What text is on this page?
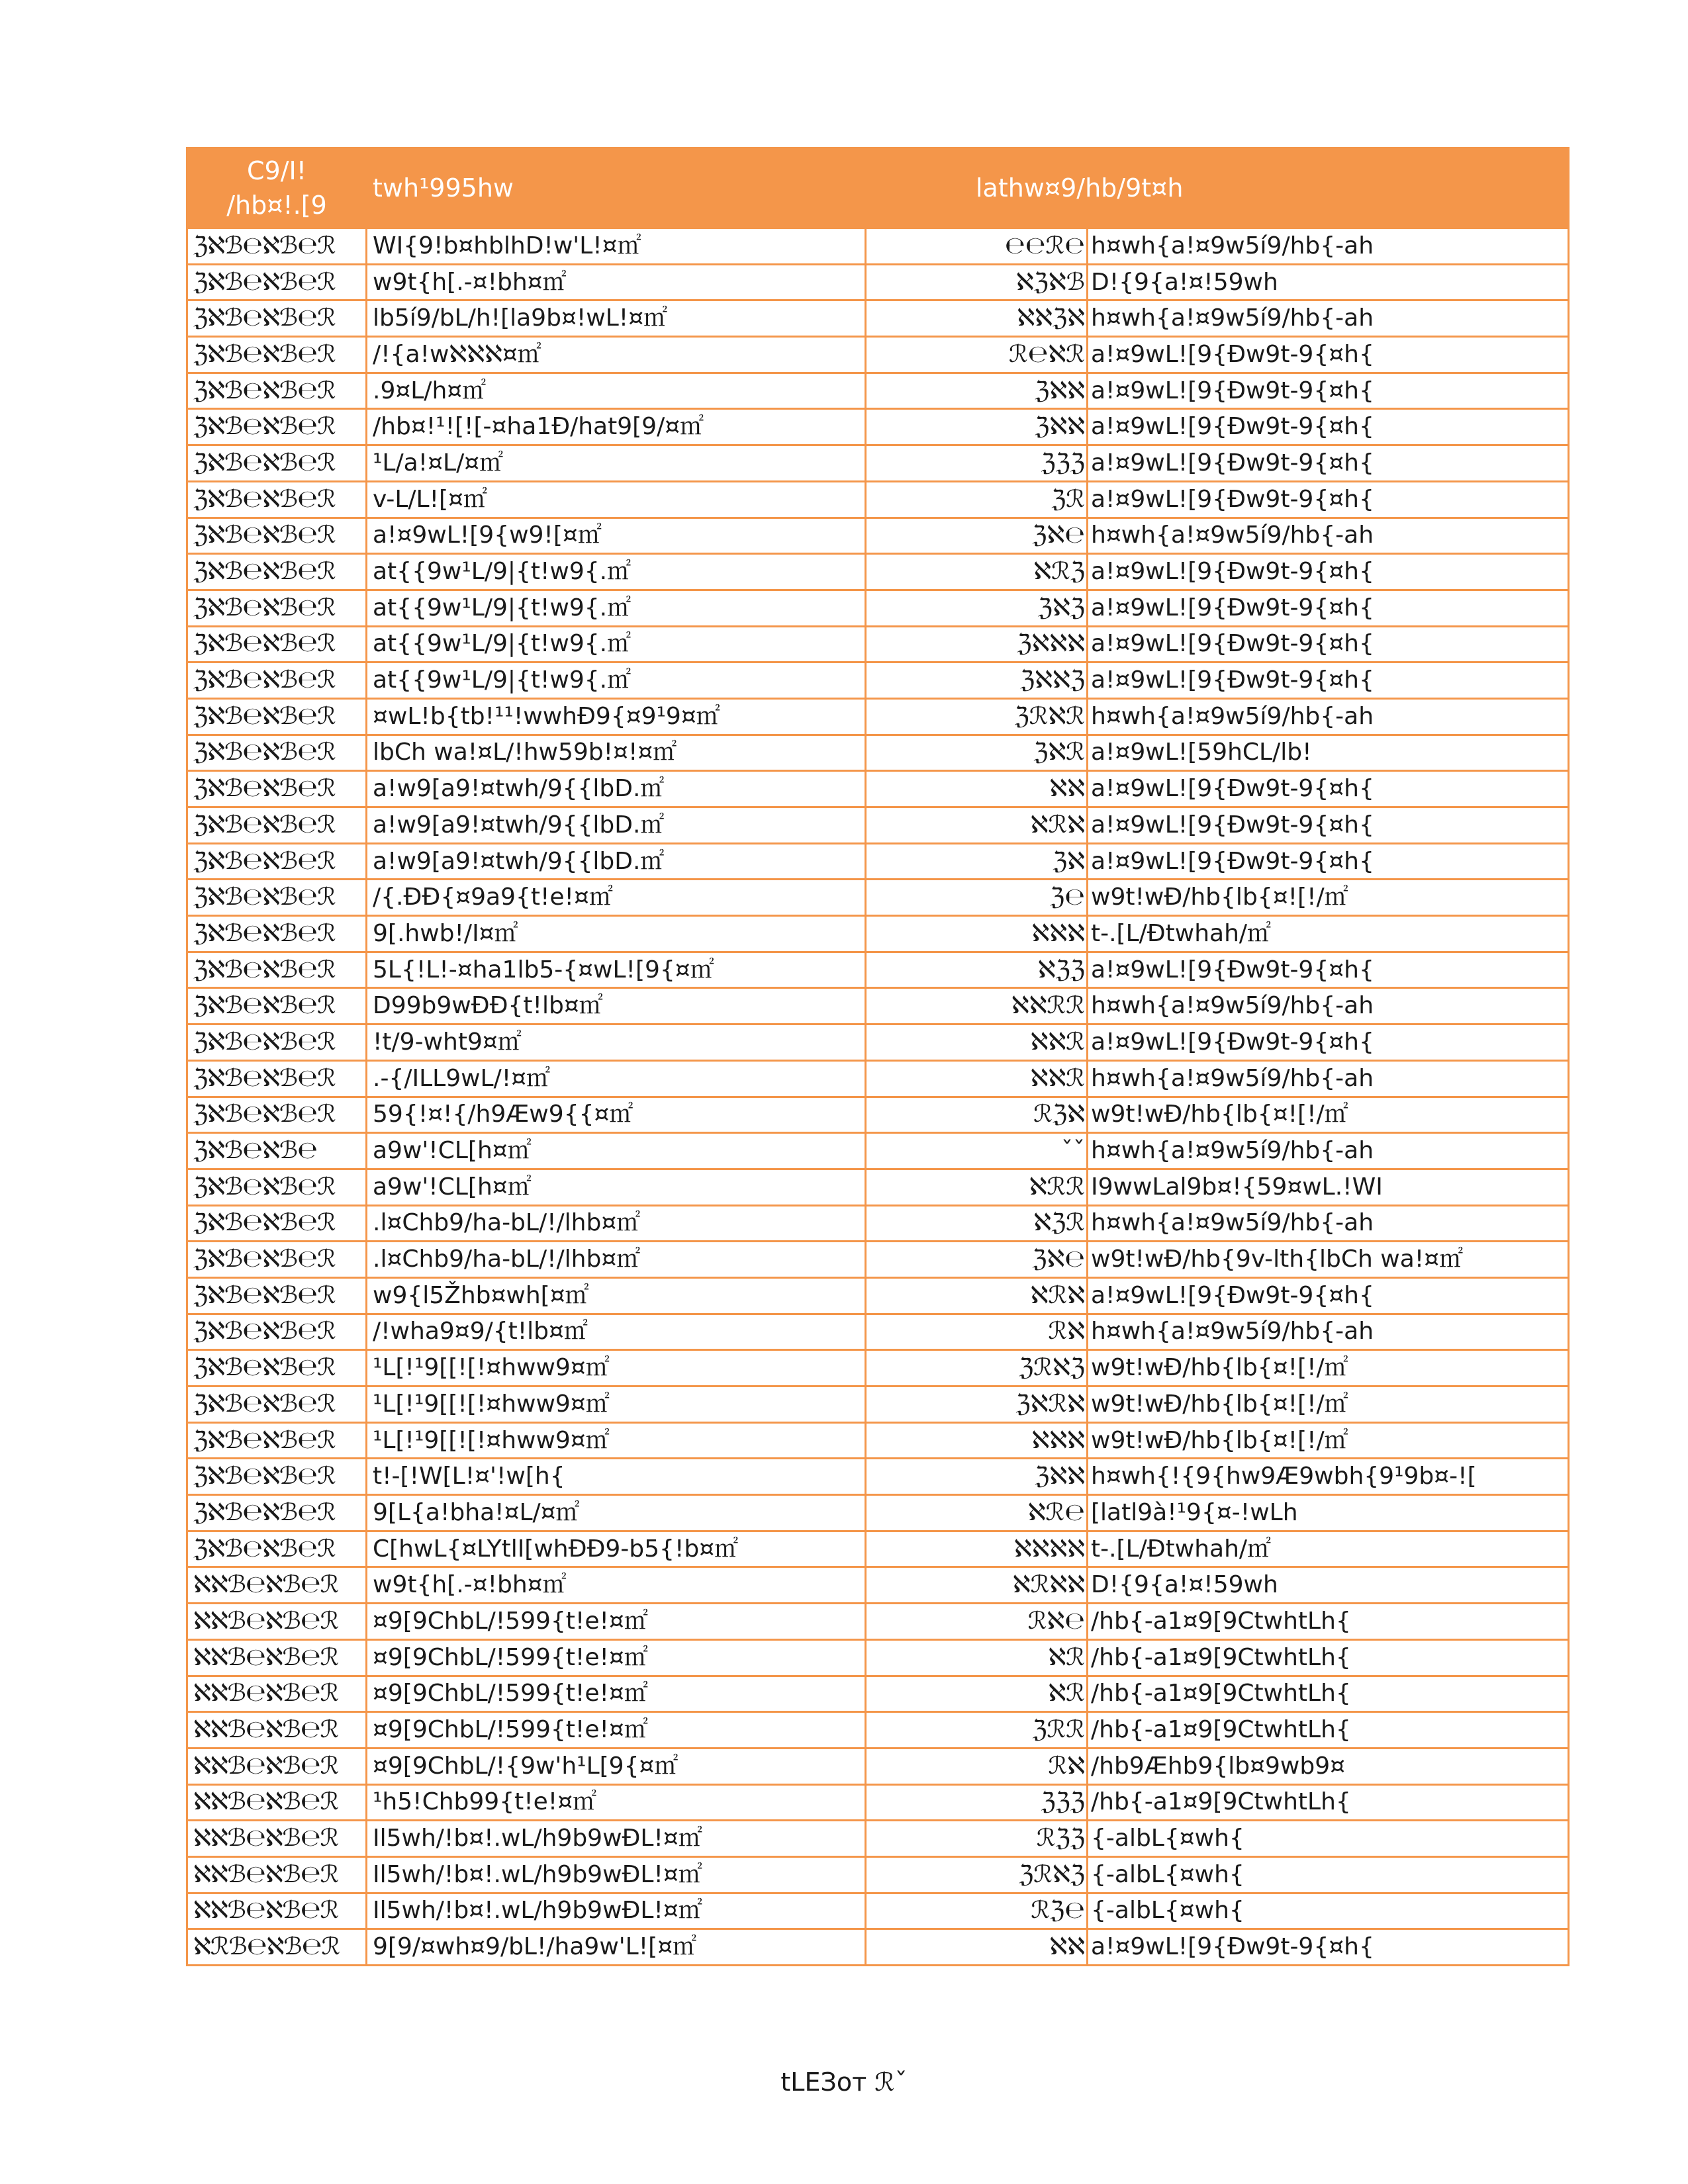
C9/I!
/hb¤!.[9	twh¹995hw		lathw¤9/hb/9t¤h

ℨℵℬ℮ℵℬ℮ℛ	WI{9!b¤hblhD!w'L!¤㎡	℮℮ℛ℮	h¤wh{a!¤9w5í9/hb{-ah
ℨℵℬ℮ℵℬ℮ℛ	w9t{h[.-¤!bh¤㎡	ℵℨℵℬ	D!{9{a!¤!59wh
ℨℵℬ℮ℵℬ℮ℛ	lb5í9/bL/h![la9b¤!wL!¤㎡	ℵℵℨℵ	h¤wh{a!¤9w5í9/hb{-ah
ℨℵℬ℮ℵℬ℮ℛ	/!{a!wℵℵℵ¤㎡	ℛ℮ℵℛ	a!¤9wL![9{Đw9t-9{¤h{
ℨℵℬ℮ℵℬ℮ℛ	.9¤L/h¤㎡	ℨℵℵ	a!¤9wL![9{Đw9t-9{¤h{
ℨℵℬ℮ℵℬ℮ℛ	/hb¤!¹![![-¤ha1Đ/hat9[9/¤㎡	ℨℵℵ	a!¤9wL![9{Đw9t-9{¤h{
ℨℵℬ℮ℵℬ℮ℛ	¹L/a!¤L/¤㎡	ℨℨℨ	a!¤9wL![9{Đw9t-9{¤h{
ℨℵℬ℮ℵℬ℮ℛ	v-L/L![¤㎡	ℨℛ	a!¤9wL![9{Đw9t-9{¤h{
ℨℵℬ℮ℵℬ℮ℛ	a!¤9wL![9{w9![¤㎡	ℨℵ℮	h¤wh{a!¤9w5í9/hb{-ah
ℨℵℬ℮ℵℬ℮ℛ	at{{9w¹L/9|{t!w9{.㎡	ℵℛℨ	a!¤9wL![9{Đw9t-9{¤h{
ℨℵℬ℮ℵℬ℮ℛ	at{{9w¹L/9|{t!w9{.㎡	ℨℵℨ	a!¤9wL![9{Đw9t-9{¤h{
ℨℵℬ℮ℵℬ℮ℛ	at{{9w¹L/9|{t!w9{.㎡	ℨℵℵℵ	a!¤9wL![9{Đw9t-9{¤h{
ℨℵℬ℮ℵℬ℮ℛ	at{{9w¹L/9|{t!w9{.㎡	ℨℵℵℨ	a!¤9wL![9{Đw9t-9{¤h{
ℨℵℬ℮ℵℬ℮ℛ	¤wL!b{tb!¹¹!wwhĐ9{¤9¹9¤㎡	ℨℛℵℛ	h¤wh{a!¤9w5í9/hb{-ah
ℨℵℬ℮ℵℬ℮ℛ	lbCh wa!¤L/!hw59b!¤!¤㎡	ℨℵℛ	a!¤9wL![59hCL/lb!
ℨℵℬ℮ℵℬ℮ℛ	a!w9[a9!¤twh/9{{lbD.㎡	ℵℵ	a!¤9wL![9{Đw9t-9{¤h{
ℨℵℬ℮ℵℬ℮ℛ	a!w9[a9!¤twh/9{{lbD.㎡	ℵℛℵ	a!¤9wL![9{Đw9t-9{¤h{
ℨℵℬ℮ℵℬ℮ℛ	a!w9[a9!¤twh/9{{lbD.㎡	ℨℵ	a!¤9wL![9{Đw9t-9{¤h{
ℨℵℬ℮ℵℬ℮ℛ	/{.ĐĐ{¤9a9{t!e!¤㎡	ℨ℮	w9t!wĐ/hb{lb{¤![!/㎡
ℨℵℬ℮ℵℬ℮ℛ	9[.hwb!/I¤㎡	ℵℵℵ	t-.[L/Ðtwhah/㎡
ℨℵℬ℮ℵℬ℮ℛ	5L{!L!-¤ha1lb5-{¤wL![9{¤㎡	ℵℨℨ	a!¤9wL![9{Đw9t-9{¤h{
ℨℵℬ℮ℵℬ℮ℛ	D99b9wĐĐ{t!lb¤㎡	ℵℵℛℛ	h¤wh{a!¤9w5í9/hb{-ah
ℨℵℬ℮ℵℬ℮ℛ	!t/9-wht9¤㎡	ℵℵℛ	a!¤9wL![9{Đw9t-9{¤h{
ℨℵℬ℮ℵℬ℮ℛ	.-{/ILL9wL/!¤㎡	ℵℵℛ	h¤wh{a!¤9w5í9/hb{-ah
ℨℵℬ℮ℵℬ℮ℛ	59{!¤!{/h9Æw9{{¤㎡	ℛℨℵ	w9t!wĐ/hb{lb{¤![!/㎡
ℨℵℬ℮ℵℬ℮	a9w'!CL[h¤㎡	ˇˇ	h¤wh{a!¤9w5í9/hb{-ah
ℨℵℬ℮ℵℬ℮ℛ	a9w'!CL[h¤㎡	ℵℛℛ	I9wwLal9b¤!{59¤wL.!WI
ℨℵℬ℮ℵℬ℮ℛ	.l¤Chb9/ha-bL/!/lhb¤㎡	ℵℨℛ	h¤wh{a!¤9w5í9/hb{-ah
ℨℵℬ℮ℵℬ℮ℛ	.l¤Chb9/ha-bL/!/lhb¤㎡	ℨℵ℮	w9t!wĐ/hb{9v-lth{lbCh wa!¤㎡
ℨℵℬ℮ℵℬ℮ℛ	w9{l5Žhb¤wh[¤㎡	ℵℛℵ	a!¤9wL![9{Đw9t-9{¤h{
ℨℵℬ℮ℵℬ℮ℛ	/!wha9¤9/{t!lb¤㎡	ℛℵ	h¤wh{a!¤9w5í9/hb{-ah
ℨℵℬ℮ℵℬ℮ℛ	¹L[!¹9[[![!¤hww9¤㎡	ℨℛℵℨ	w9t!wĐ/hb{lb{¤![!/㎡
ℨℵℬ℮ℵℬ℮ℛ	¹L[!¹9[[![!¤hww9¤㎡	ℨℵℛℵ	w9t!wĐ/hb{lb{¤![!/㎡
ℨℵℬ℮ℵℬ℮ℛ	¹L[!¹9[[![!¤hww9¤㎡	ℵℵℵ	w9t!wĐ/hb{lb{¤![!/㎡
ℨℵℬ℮ℵℬ℮ℛ	t!-[!W[L!¤'!w[h{	ℨℵℵ	h¤wh{!{9{hw9Æ9wbh{9¹9b¤-![
ℨℵℬ℮ℵℬ℮ℛ	9[L{a!bha!¤L/¤㎡	ℵℛ℮	[latl9à!¹9{¤-!wLh
ℨℵℬ℮ℵℬ℮ℛ	C[hwL{¤LYtlI[whĐĐ9-b5{!b¤㎡	ℵℵℵℵ	t-.[L/Ðtwhah/㎡
ℵℵℬ℮ℵℬ℮ℛ	w9t{h[.-¤!bh¤㎡	ℵℛℵℵ	D!{9{a!¤!59wh
ℵℵℬ℮ℵℬ℮ℛ	¤9[9ChbL/!599{t!e!¤㎡	ℛℵ℮	/hb{-a1¤9[9CtwhtLh{
ℵℵℬ℮ℵℬ℮ℛ	¤9[9ChbL/!599{t!e!¤㎡	ℵℛ	/hb{-a1¤9[9CtwhtLh{
ℵℵℬ℮ℵℬ℮ℛ	¤9[9ChbL/!599{t!e!¤㎡	ℵℛ	/hb{-a1¤9[9CtwhtLh{
ℵℵℬ℮ℵℬ℮ℛ	¤9[9ChbL/!599{t!e!¤㎡	ℨℛℛ	/hb{-a1¤9[9CtwhtLh{
ℵℵℬ℮ℵℬ℮ℛ	¤9[9ChbL/!{9w'h¹L[9{¤㎡	ℛℵ	/hb9Æhb9{lb¤9wb9¤
ℵℵℬ℮ℵℬ℮ℛ	¹h5!Chb99{t!e!¤㎡	ℨℨℨ	/hb{-a1¤9[9CtwhtLh{
ℵℵℬ℮ℵℬ℮ℛ	Il5wh/!b¤!.wL/h9b9wĐL!¤㎡	ℛℨℨ	{-albL{¤wh{
ℵℵℬ℮ℵℬ℮ℛ	Il5wh/!b¤!.wL/h9b9wĐL!¤㎡	ℨℛℵℨ	{-albL{¤wh{
ℵℵℬ℮ℵℬ℮ℛ	Il5wh/!b¤!.wL/h9b9wĐL!¤㎡	ℛℨ℮	{-albL{¤wh{
ℵℛℬ℮ℵℬ℮ℛ	9[9/¤wh¤9/bL!/ha9w'L![¤㎡	ℵℵ	a!¤9wL![9{Đw9t-9{¤h{
tLEЗот ℛˇ
